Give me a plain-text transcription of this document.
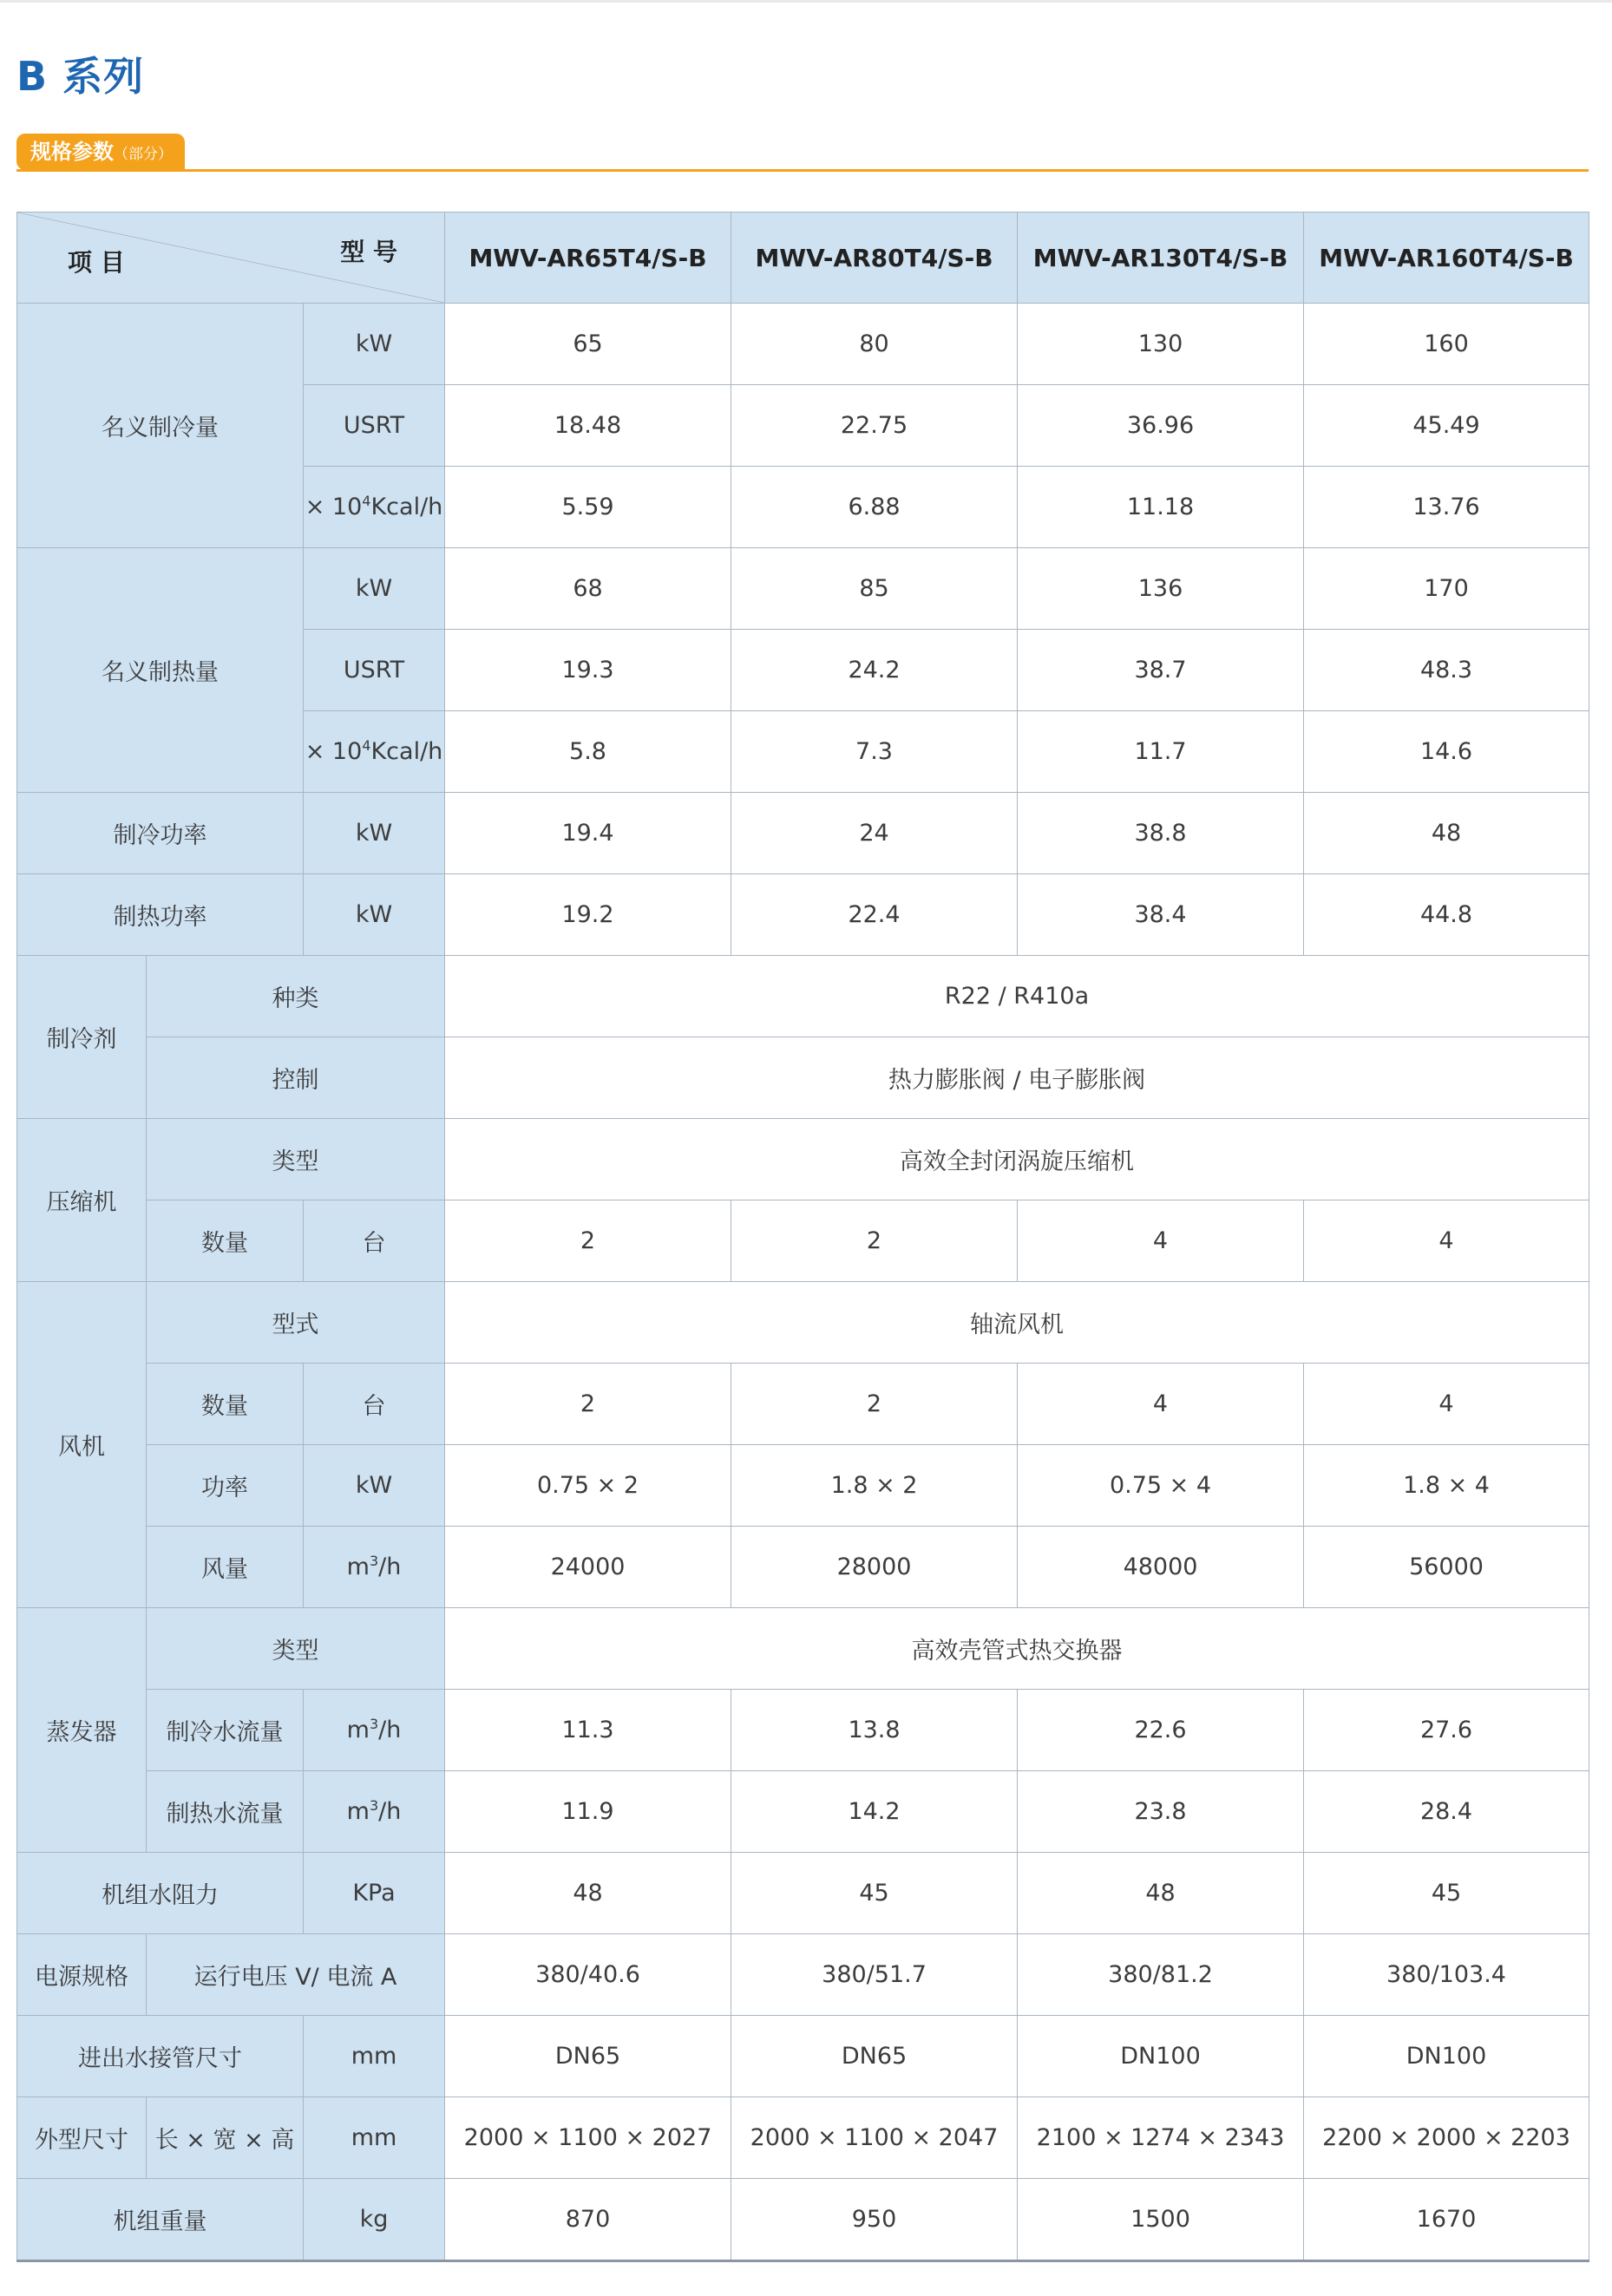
B 系列
规格参数（部分）
型 号
项 目			MWV-AR65T4/S-B	MWV-AR80T4/S-B	MWV-AR130T4/S-B	MWV-AR160T4/S-B
名义制冷量		kW	65	80	130	160
		USRT	18.48	22.75	36.96	45.49
		× $10^4Kcal/h$	5.59	6.88	11.18	13.76
名义制热量		kW	68	85	136	170
		USRT	19.3	24.2	38.7	48.3
		× $10^4Kcal/h$	5.8	7.3	11.7	14.6
制冷功率		kW	19.4	24	38.8	48
制热功率		kW	19.2	22.4	38.4	44.8
制冷剂	种类		R22 / R410a			
	控制		热力膨胀阀 / 电子膨胀阀			
压缩机	类型		高效全封闭涡旋压缩机			
	数量	台	2	2	4	4
风机	型式		轴流风机			
	数量	台	2	2	4	4
	功率	kW	0.75 × 2	1.8 × 2	0.75 × 4	1.8 × 4
	风量	$m^3/h$	24000	28000	48000	56000
蒸发器	类型		高效壳管式热交换器			
	制冷水流量	$m^3/h$	11.3	13.8	22.6	27.6
	制热水流量	$m^3/h$	11.9	14.2	23.8	28.4
机组水阻力		KPa	48	45	48	45
电源规格	运行电压 V/ 电流 A		380/40.6	380/51.7	380/81.2	380/103.4
进出水接管尺寸		mm	DN65	DN65	DN100	DN100
外型尺寸	长 × 宽 × 高	mm	2000 × 1100 × 2027	2000 × 1100 × 2047	2100 × 1274 × 2343	2200 × 2000 × 2203
机组重量		kg	870	950	1500	1670
